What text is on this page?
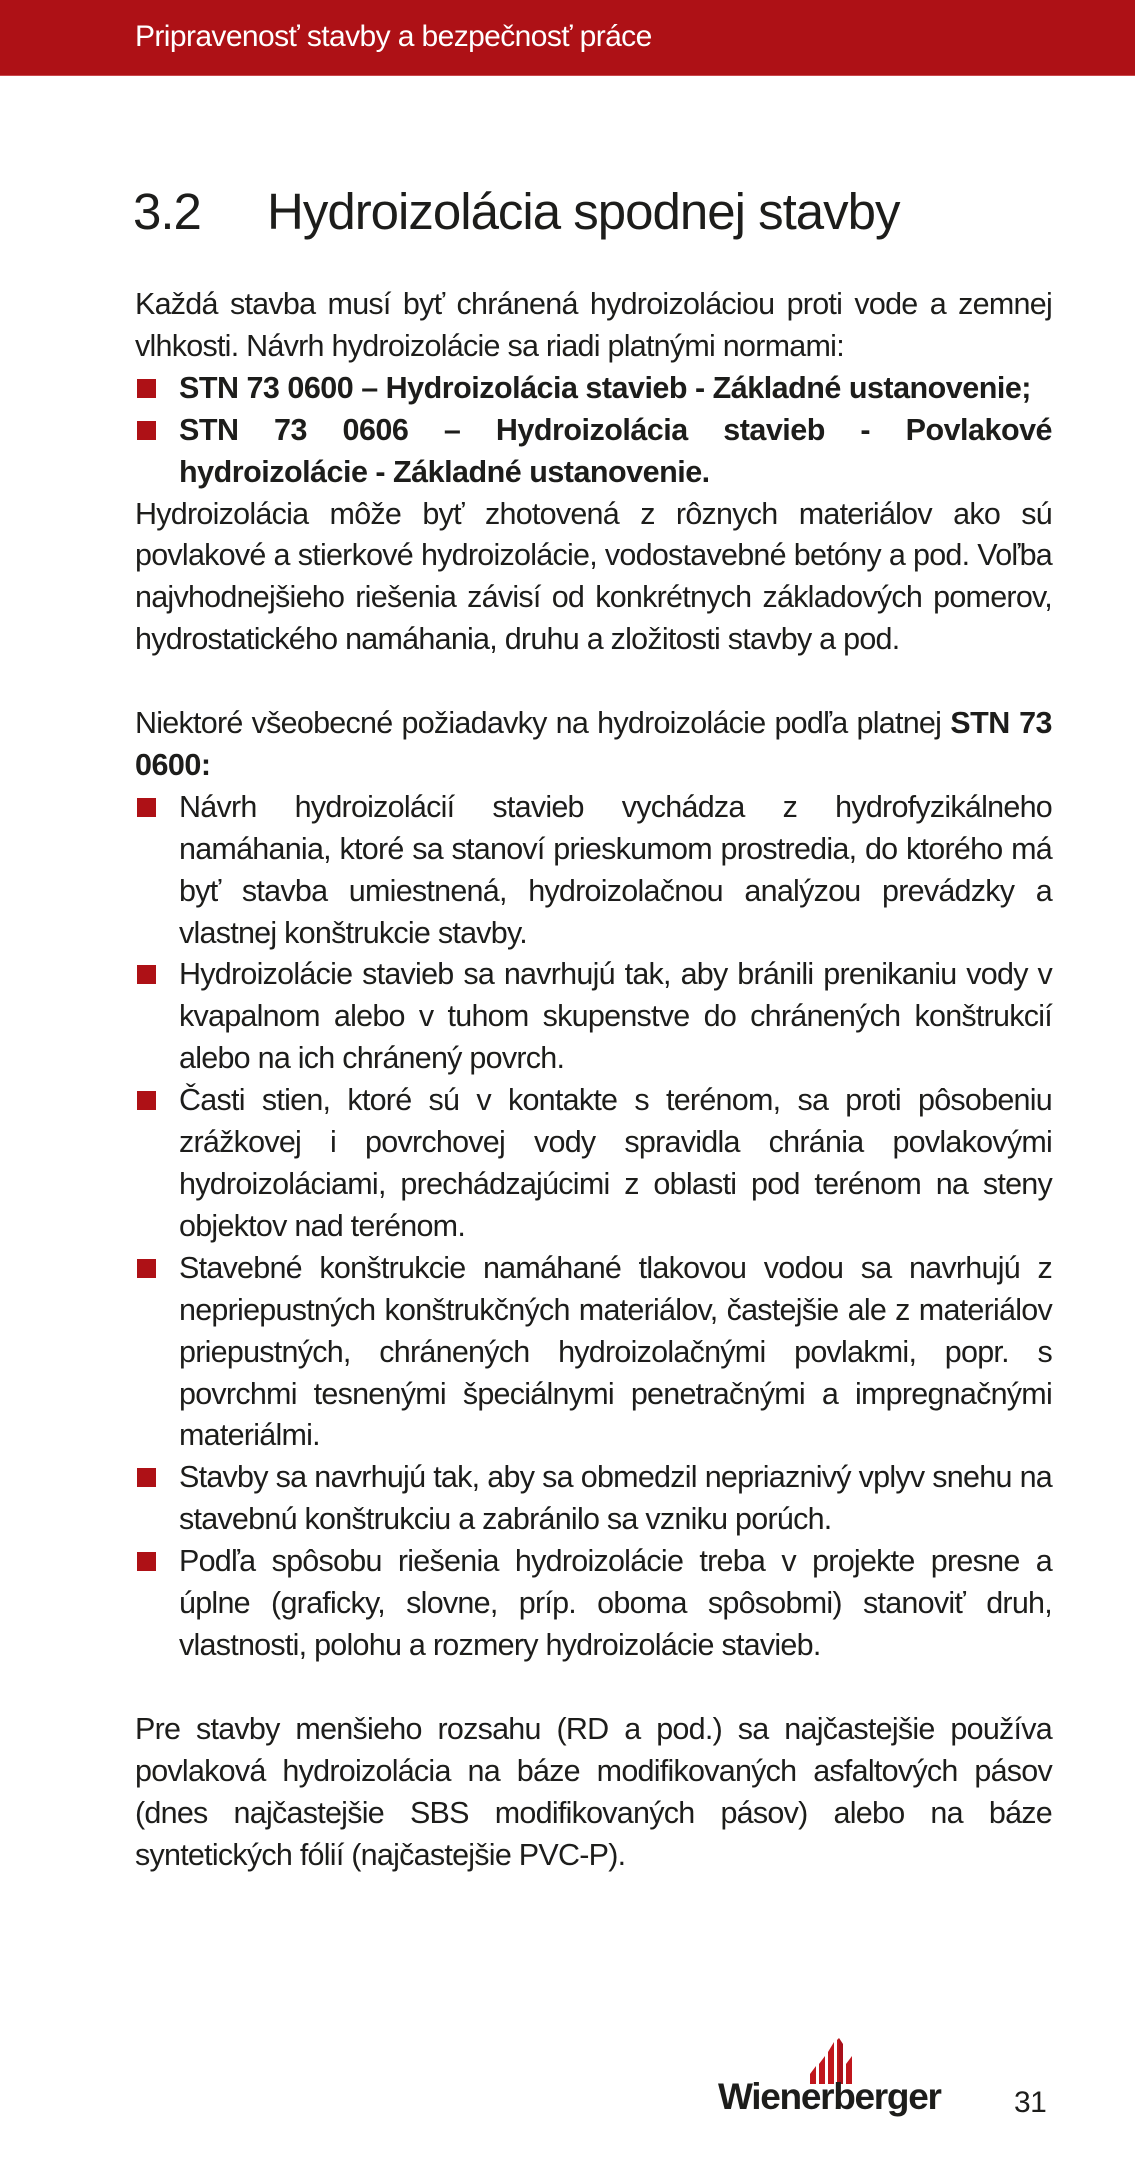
Pripravenosť stavby a bezpečnosť práce
3.2 Hydroizolácia spodnej stavby

Každá stavba musí byť chránená hydroizoláciou proti vode a zemnej vlhkosti. Návrh hydroizolácie sa riadi platnými normami:

STN 73 0600 – Hydroizolácia stavieb - Základné ustanovenie;
STN 73 0606 – Hydroizolácia stavieb - Povlakové hydroizolácie - Základné ustanovenie.

Hydroizolácia môže byť zhotovená z rôznych materiálov ako sú povlakové a stierkové hydroizolácie, vodostavebné betóny a pod. Voľba najvhodnejšieho riešenia závisí od konkrétnych základových pomerov, hydrostatického namáhania, druhu a zložitosti stavby a pod.

Niektoré všeobecné požiadavky na hydroizolácie podľa platnej STN 73 0600:

Návrh hydroizolácií stavieb vychádza z hydrofyzikálneho namáhania, ktoré sa stanoví prieskumom prostredia, do ktorého má byť stavba umiestnená, hydroizolačnou analýzou prevádzky a vlastnej konštrukcie stavby.
Hydroizolácie stavieb sa navrhujú tak, aby bránili prenikaniu vody v kvapalnom alebo v tuhom skupenstve do chránených konštrukcií alebo na ich chránený povrch.
Časti stien, ktoré sú v kontakte s terénom, sa proti pôsobeniu zrážkovej i povrchovej vody spravidla chránia povlakovými hydroizoláciami, prechádzajúcimi z oblasti pod terénom na steny objektov nad terénom.
Stavebné konštrukcie namáhané tlakovou vodou sa navrhujú z nepriepustných konštrukčných materiálov, častejšie ale z materiálov priepustných, chránených hydroizolačnými povlakmi, popr. s povrchmi tesnenými špeciálnymi penetračnými a impregnačnými materiálmi.
Stavby sa navrhujú tak, aby sa obmedzil nepriaznivý vplyv snehu na stavebnú konštrukciu a zabránilo sa vzniku porúch.
Podľa spôsobu riešenia hydroizolácie treba v projekte presne a úplne (graficky, slovne, príp. oboma spôsobmi) stanoviť druh, vlastnosti, polohu a rozmery hydroizolácie stavieb.

Pre stavby menšieho rozsahu (RD a pod.) sa najčastejšie používa povlaková hydroizolácia na báze modifikovaných asfaltových pásov (dnes najčastejšie SBS modifikovaných pásov) alebo na báze syntetických fólií (najčastejšie PVC-P).

Wienerberger 31
